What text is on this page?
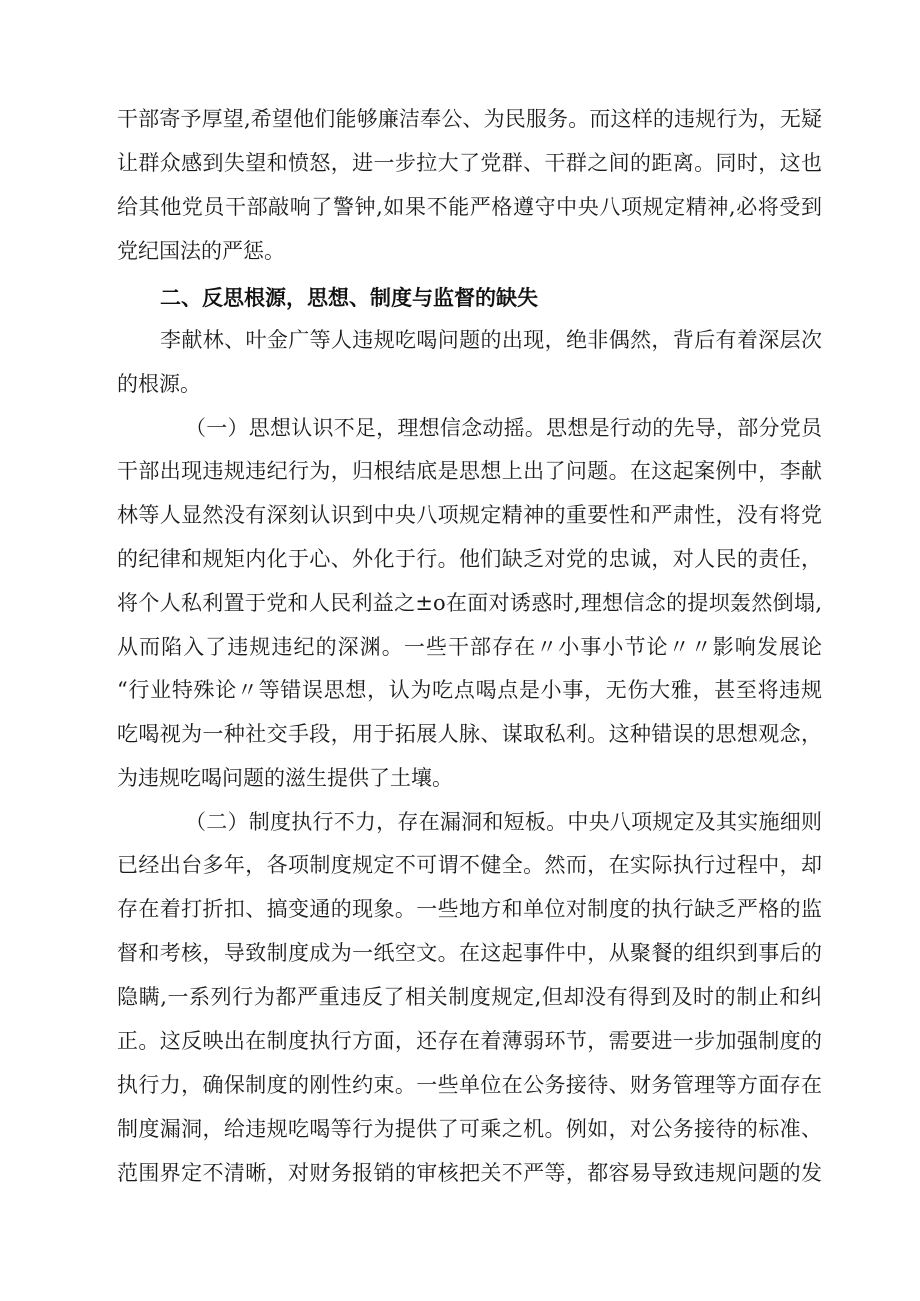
干部寄予厚望,希望他们能够廉洁奉公、为民服务。而这样的违规行为，无疑
让群众感到失望和愤怒，进一步拉大了党群、干群之间的距离。同时，这也
给其他党员干部敲响了警钟,如果不能严格遵守中央八项规定精神,必将受到
党纪国法的严惩。
二、反思根源，思想、制度与监督的缺失
李献林、叶金广等人违规吃喝问题的出现，绝非偶然，背后有着深层次
的根源。
（一）思想认识不足，理想信念动摇。思想是行动的先导，部分党员
干部出现违规违纪行为，归根结底是思想上出了问题。在这起案例中，李献
林等人显然没有深刻认识到中央八项规定精神的重要性和严肃性，没有将党
的纪律和规矩内化于心、外化于行。他们缺乏对党的忠诚，对人民的责任，
将个人私利置于党和人民利益之±o在面对诱惑时,理想信念的提坝轰然倒塌,
从而陷入了违规违纪的深渊。一些干部存在〃小事小节论〃〃影响发展论
“行业特殊论〃等错误思想，认为吃点喝点是小事，无伤大雅，甚至将违规
吃喝视为一种社交手段，用于拓展人脉、谋取私利。这种错误的思想观念，
为违规吃喝问题的滋生提供了土壤。
（二）制度执行不力，存在漏洞和短板。中央八项规定及其实施细则
已经出台多年，各项制度规定不可谓不健全。然而，在实际执行过程中，却
存在着打折扣、搞变通的现象。一些地方和单位对制度的执行缺乏严格的监
督和考核，导致制度成为一纸空文。在这起事件中，从聚餐的组织到事后的
隐瞒,一系列行为都严重违反了相关制度规定,但却没有得到及时的制止和纠
正。这反映出在制度执行方面，还存在着薄弱环节，需要进一步加强制度的
执行力，确保制度的刚性约束。一些单位在公务接待、财务管理等方面存在
制度漏洞，给违规吃喝等行为提供了可乘之机。例如，对公务接待的标准、
范围界定不清晰，对财务报销的审核把关不严等，都容易导致违规问题的发
